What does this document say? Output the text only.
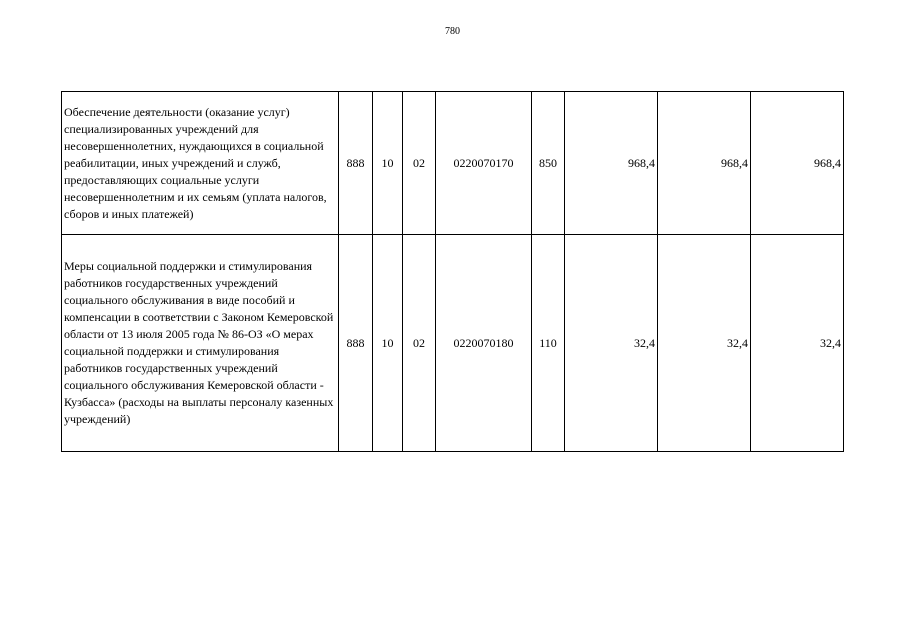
780
Обеспечение деятельности (оказание услуг) специализированных учреждений для несовершеннолетних, нуждающихся в социальной реабилитации, иных учреждений и служб, предоставляющих социальные услуги несовершеннолетним и их семьям (уплата налогов, сборов и иных платежей)	888	10	02	0220070170	850	968,4	968,4	968,4
Меры социальной поддержки и стимулирования работников государственных учреждений социального обслуживания в виде пособий и компенсации в соответствии с Законом Кемеровской области от 13 июля 2005 года № 86-ОЗ «О мерах социальной поддержки и стимулирования работников государственных учреждений социального обслуживания Кемеровской области - Кузбасса» (расходы на выплаты персоналу казенных учреждений)	888	10	02	0220070180	110	32,4	32,4	32,4
